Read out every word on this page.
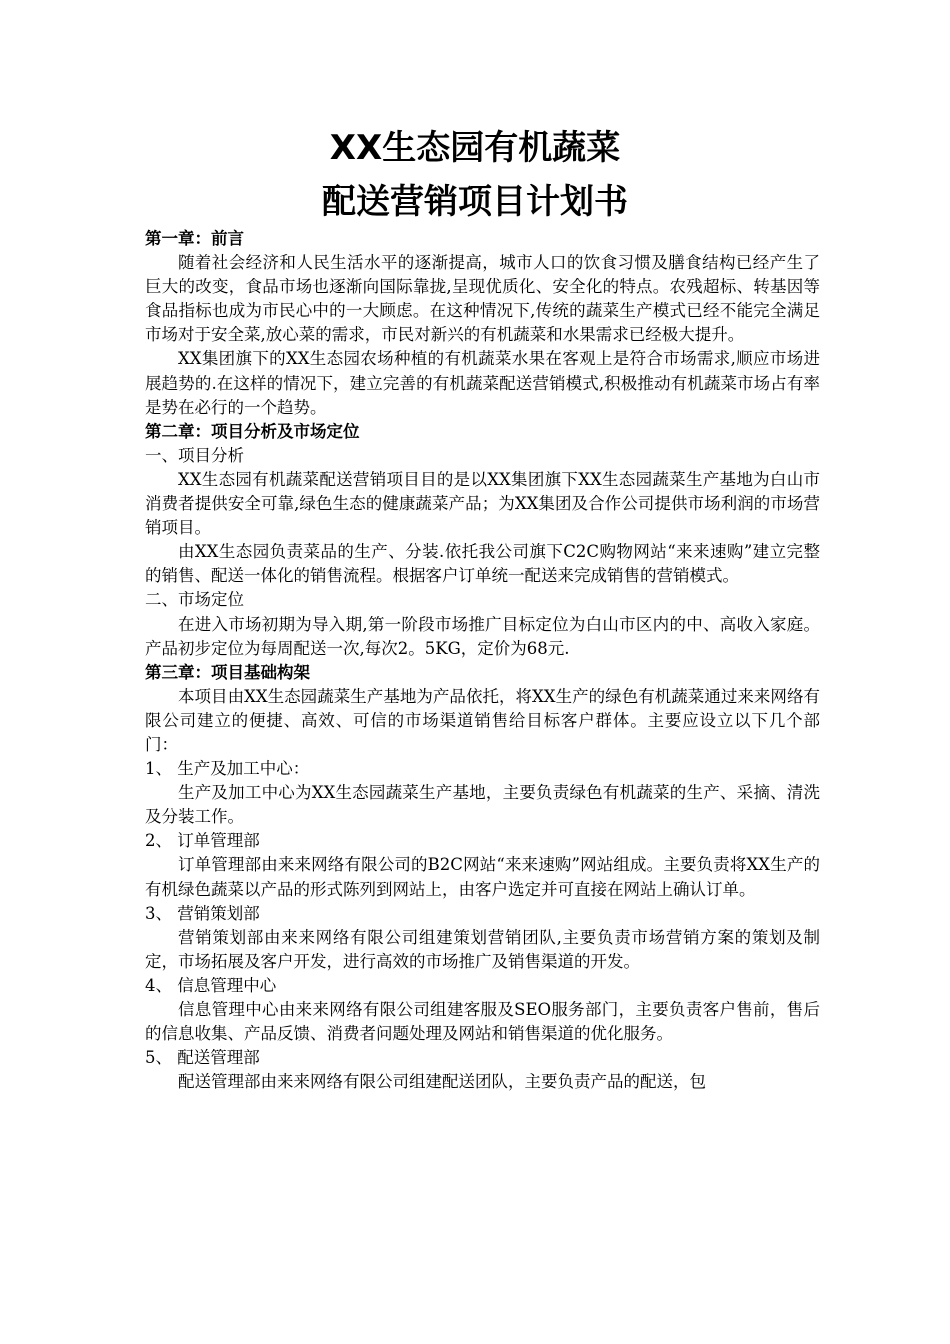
XX生态园有机蔬菜
配送营销项目计划书
第一章：前言

随着社会经济和人民生活水平的逐渐提高，城市人口的饮食习惯及膳食结构已经产生了巨大的改变，食品市场也逐渐向国际靠拢,呈现优质化、安全化的特点。农残超标、转基因等食品指标也成为市民心中的一大顾虑。在这种情况下,传统的蔬菜生产模式已经不能完全满足市场对于安全菜,放心菜的需求，市民对新兴的有机蔬菜和水果需求已经极大提升。

XX集团旗下的XX生态园农场种植的有机蔬菜水果在客观上是符合市场需求,顺应市场进展趋势的.在这样的情况下，建立完善的有机蔬菜配送营销模式,积极推动有机蔬菜市场占有率是势在必行的一个趋势。

第二章：项目分析及市场定位

一、项目分析

XX生态园有机蔬菜配送营销项目目的是以XX集团旗下XX生态园蔬菜生产基地为白山市消费者提供安全可靠,绿色生态的健康蔬菜产品；为XX集团及合作公司提供市场利润的市场营销项目。

由XX生态园负责菜品的生产、分装.依托我公司旗下C2C购物网站“来来速购”建立完整的销售、配送一体化的销售流程。根据客户订单统一配送来完成销售的营销模式。

二、市场定位

在进入市场初期为导入期,第一阶段市场推广目标定位为白山市区内的中、高收入家庭。产品初步定位为每周配送一次,每次2。5KG，定价为68元.

第三章：项目基础构架

本项目由XX生态园蔬菜生产基地为产品依托，将XX生产的绿色有机蔬菜通过来来网络有限公司建立的便捷、高效、可信的市场渠道销售给目标客户群体。主要应设立以下几个部门：

1、 生产及加工中心：

生产及加工中心为XX生态园蔬菜生产基地，主要负责绿色有机蔬菜的生产、采摘、清洗及分装工作。

2、 订单管理部

订单管理部由来来网络有限公司的B2C网站“来来速购”网站组成。主要负责将XX生产的有机绿色蔬菜以产品的形式陈列到网站上，由客户选定并可直接在网站上确认订单。

3、 营销策划部

营销策划部由来来网络有限公司组建策划营销团队,主要负责市场营销方案的策划及制定，市场拓展及客户开发，进行高效的市场推广及销售渠道的开发。

4、 信息管理中心

信息管理中心由来来网络有限公司组建客服及SEO服务部门，主要负责客户售前，售后的信息收集、产品反馈、消费者问题处理及网站和销售渠道的优化服务。

5、 配送管理部

配送管理部由来来网络有限公司组建配送团队，主要负责产品的配送，包
